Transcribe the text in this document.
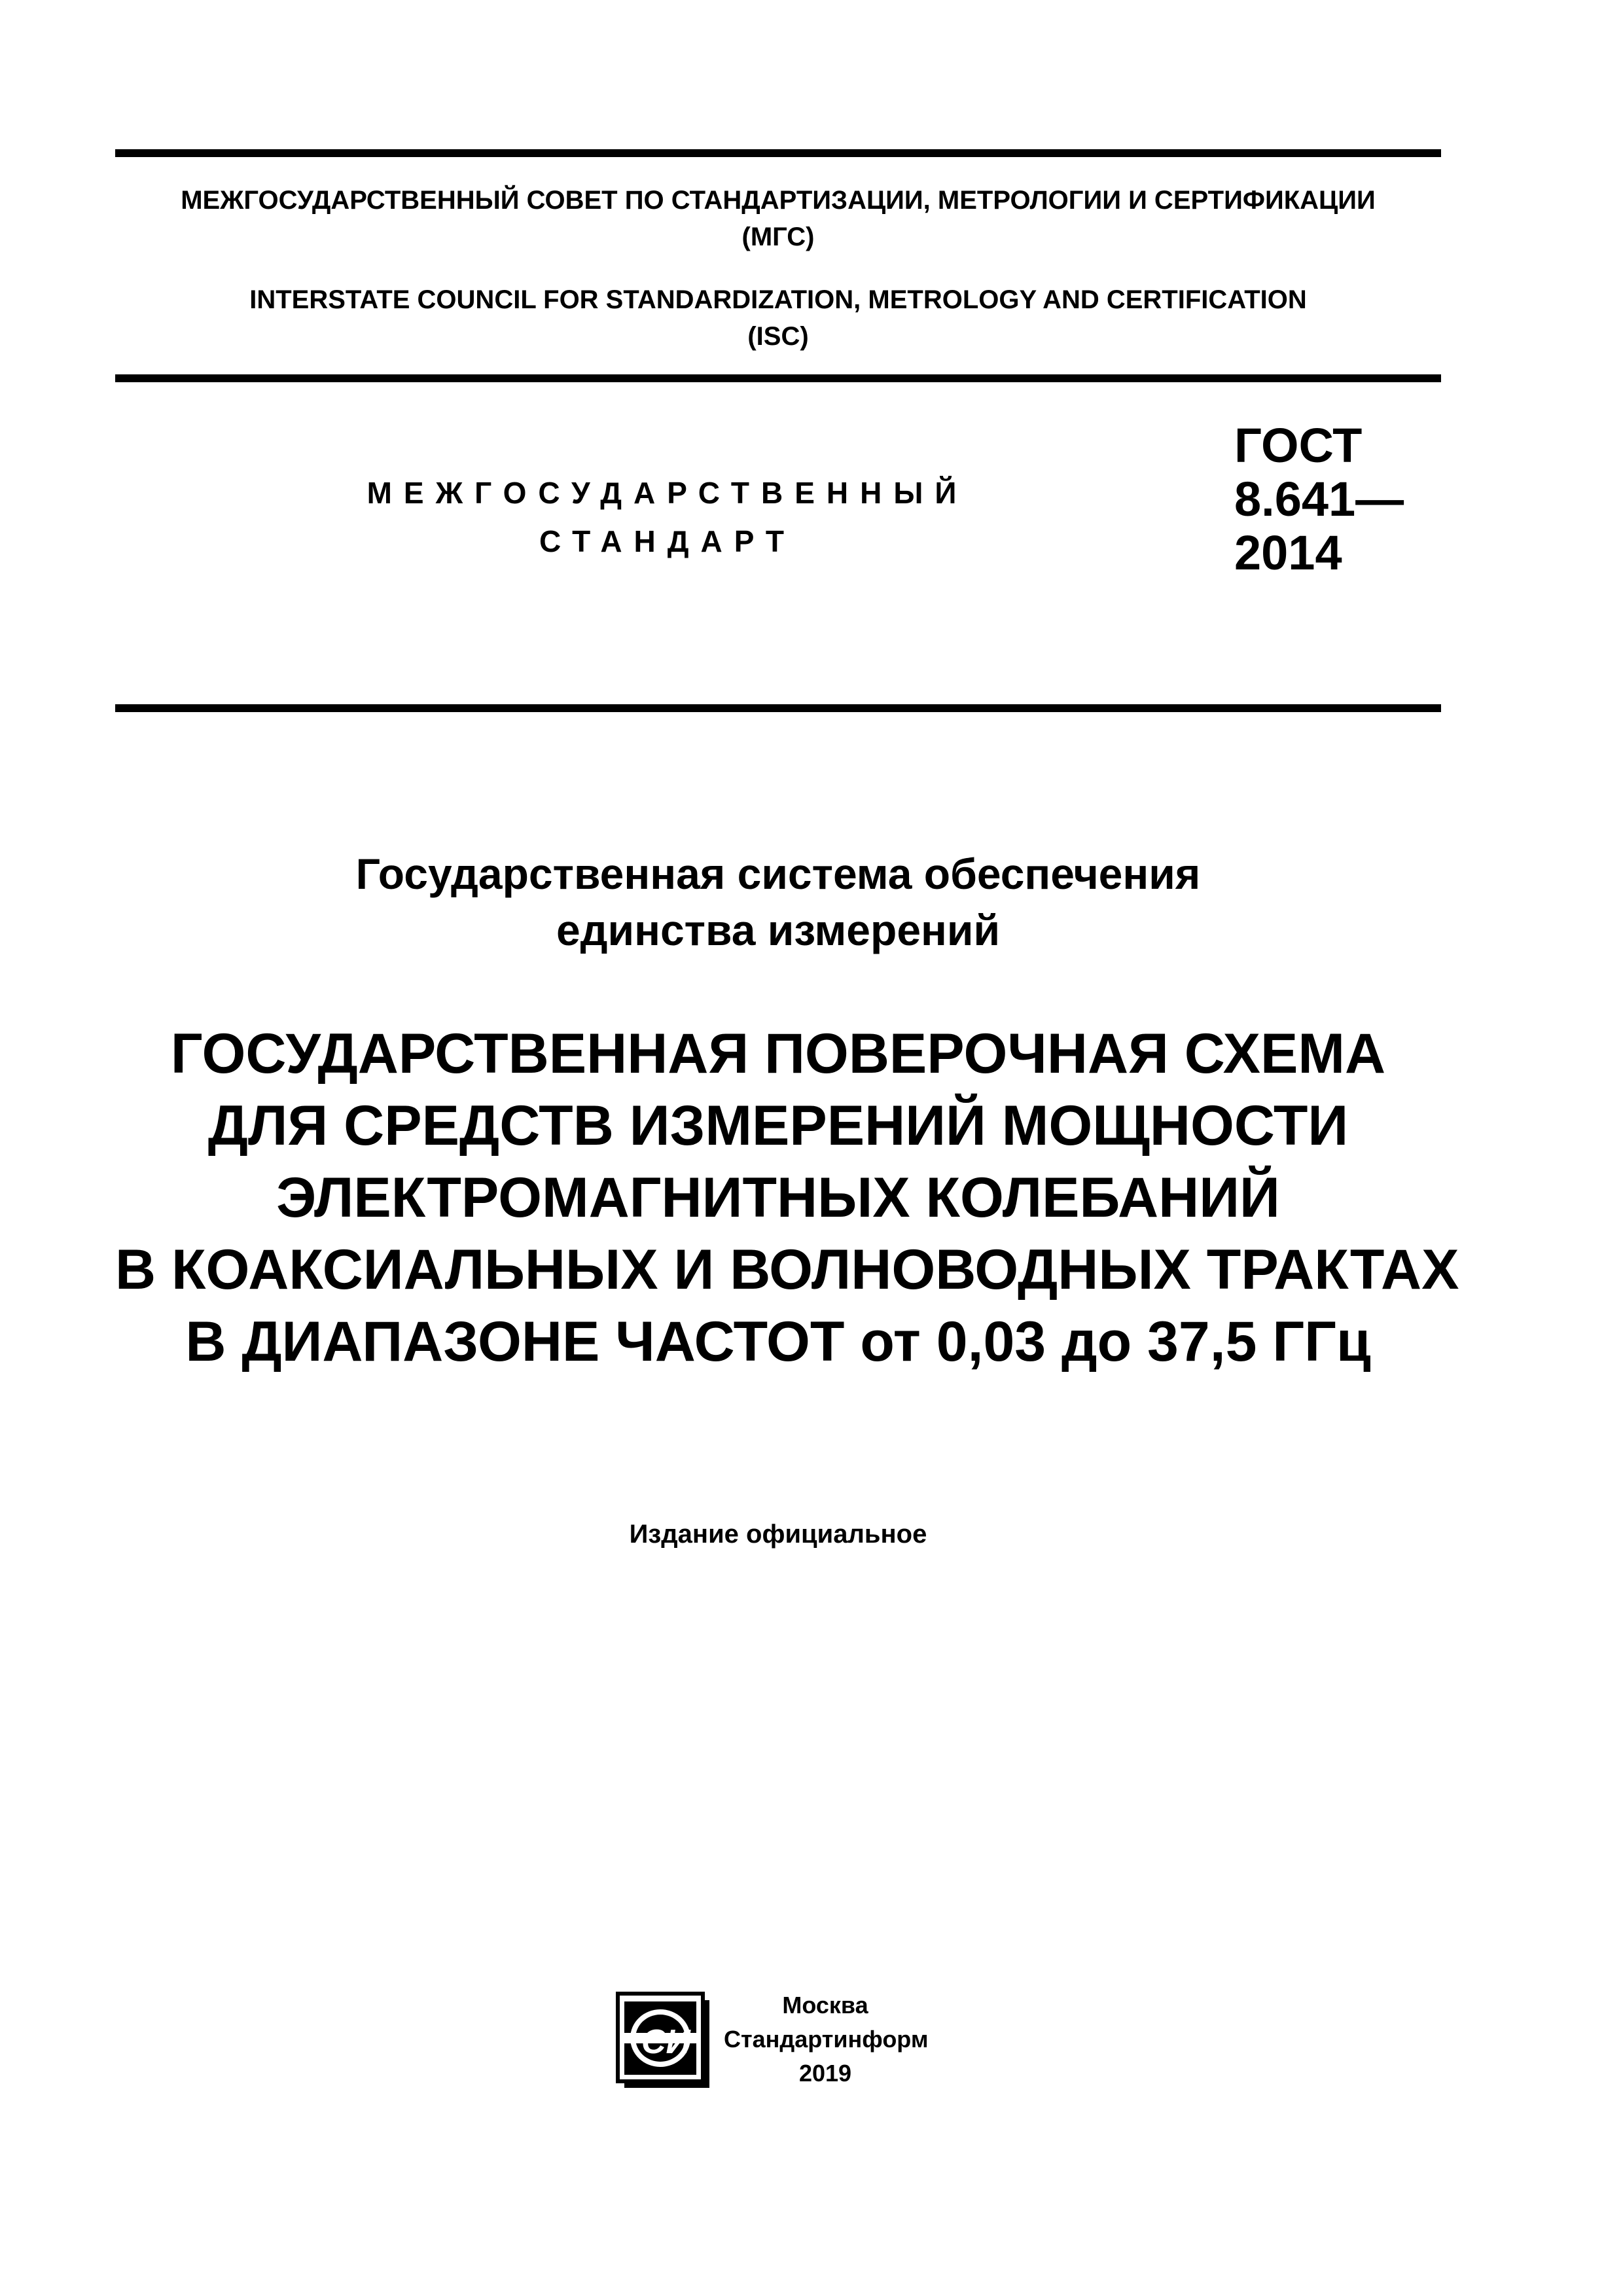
МЕЖГОСУДАРСТВЕННЫЙ СОВЕТ ПО СТАНДАРТИЗАЦИИ, МЕТРОЛОГИИ И СЕРТИФИКАЦИИ
(МГС)
INTERSTATE COUNCIL FOR STANDARDIZATION, METROLOGY AND CERTIFICATION
(ISC)
МЕЖГОСУДАРСТВЕННЫЙ
СТАНДАРТ
ГОСТ
8.641—
2014
Государственная система обеспечения
единства измерений
ГОСУДАРСТВЕННАЯ ПОВЕРОЧНАЯ СХЕМА
ДЛЯ СРЕДСТВ ИЗМЕРЕНИЙ МОЩНОСТИ
ЭЛЕКТРОМАГНИТНЫХ КОЛЕБАНИЙ
В КОАКСИАЛЬНЫХ И ВОЛНОВОДНЫХ ТРАКТАХ
В ДИАПАЗОНЕ ЧАСТОТ от 0,03 до 37,5 ГГц
Издание официальное
СИ
Москва
Стандартинформ
2019
